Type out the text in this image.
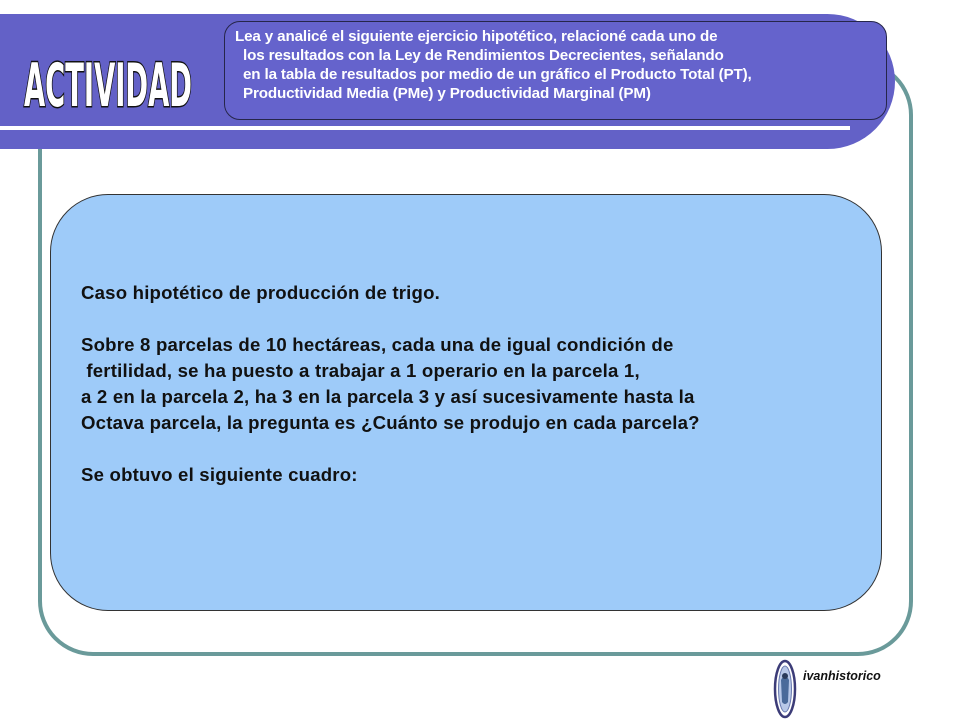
ACTIVIDAD
Lea y analicé el siguiente ejercicio hipotético, relacioné cada uno de
los resultados con la Ley de Rendimientos Decrecientes, señalando
en la tabla de resultados por medio de un gráfico el Producto Total (PT),
Productividad Media (PMe) y Productividad Marginal (PM)

Caso hipotético de producción de trigo.

Sobre 8 parcelas de 10 hectáreas, cada una de igual condición de

fertilidad, se ha puesto a trabajar a 1 operario en la parcela 1,

a 2 en la parcela 2, ha 3 en la parcela 3 y así sucesivamente hasta la

Octava parcela, la pregunta es ¿Cuánto se produjo en cada parcela?

Se obtuvo el siguiente cuadro:

ivanhistorico
